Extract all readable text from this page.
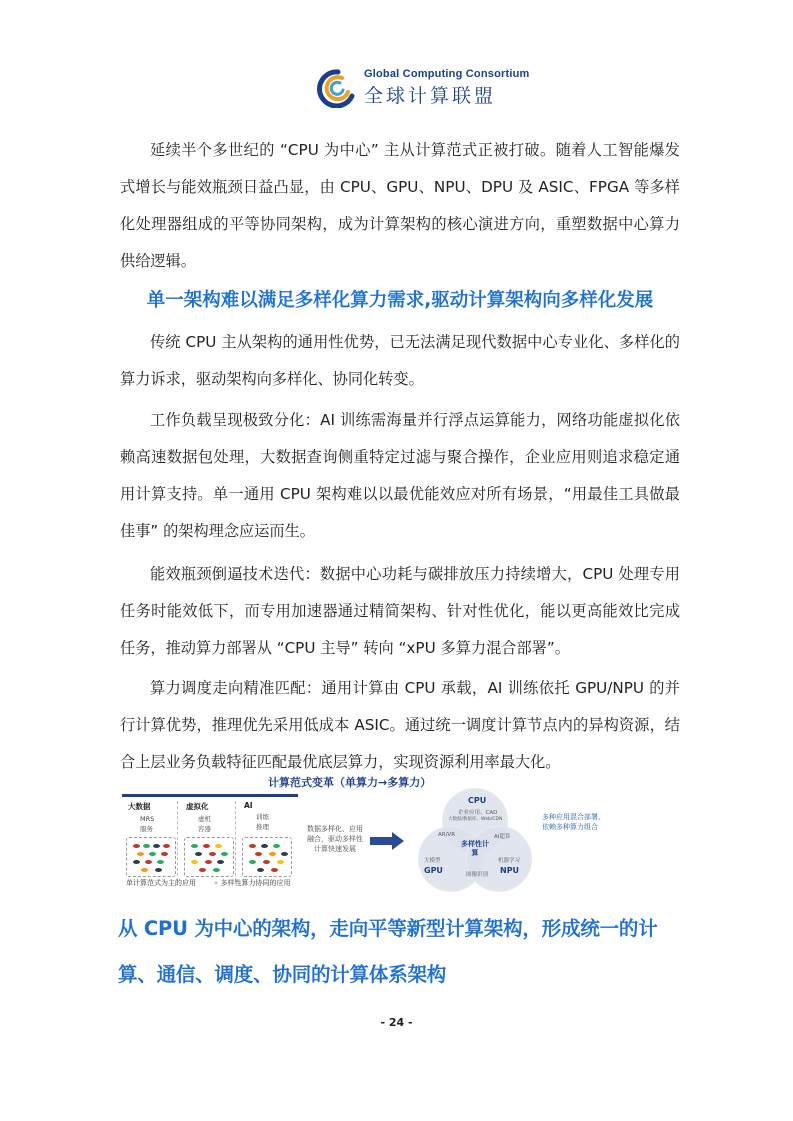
Global Computing Consortium
全球计算联盟

延续半个多世纪的 “CPU 为中心” 主从计算范式正被打破。随着人工智能爆发式增长与能效瓶颈日益凸显，由 CPU、GPU、NPU、DPU 及 ASIC、FPGA 等多样化处理器组成的平等协同架构，成为计算架构的核心演进方向，重塑数据中心算力供给逻辑。

单一架构难以满足多样化算力需求,驱动计算架构向多样化发展

传统 CPU 主从架构的通用性优势，已无法满足现代数据中心专业化、多样化的算力诉求，驱动架构向多样化、协同化转变。

工作负载呈现极致分化：AI 训练需海量并行浮点运算能力，网络功能虚拟化依赖高速数据包处理，大数据查询侧重特定过滤与聚合操作，企业应用则追求稳定通用计算支持。单一通用 CPU 架构难以以最优能效应对所有场景，“用最佳工具做最佳事” 的架构理念应运而生。

能效瓶颈倒逼技术迭代：数据中心功耗与碳排放压力持续增大，CPU 处理专用任务时能效低下，而专用加速器通过精简架构、针对性优化，能以更高能效比完成任务，推动算力部署从 “CPU 主导” 转向 “xPU 多算力混合部署”。

算力调度走向精准匹配：通用计算由 CPU 承载，AI 训练依托 GPU/NPU 的并行计算优势，推理优先采用低成本 ASIC。通过统一调度计算节点内的异构资源，结合上层业务负载特征匹配最优底层算力，实现资源利用率最大化。

计算范式变革（单算力→多算力）
大数据
MRS
服务
虚拟化
虚机
容器
AI
训练
推理
单计算范式为主的应用	» 多样性算力协同的应用
数据多样化、应用
融合，驱动多样性
计算快速发展
CPU
企业应用、CAD
大数据/数据库、Web/CDN
AR/VR	AI超算
多样性计算
大模型
GPU
机器学习
NPU
图像识别
多种应用混合部署，
依赖多种算力组合
从 CPU 为中心的架构，走向平等新型计算架构，形成统一的计算、通信、调度、协同的计算体系架构
- 24 -
